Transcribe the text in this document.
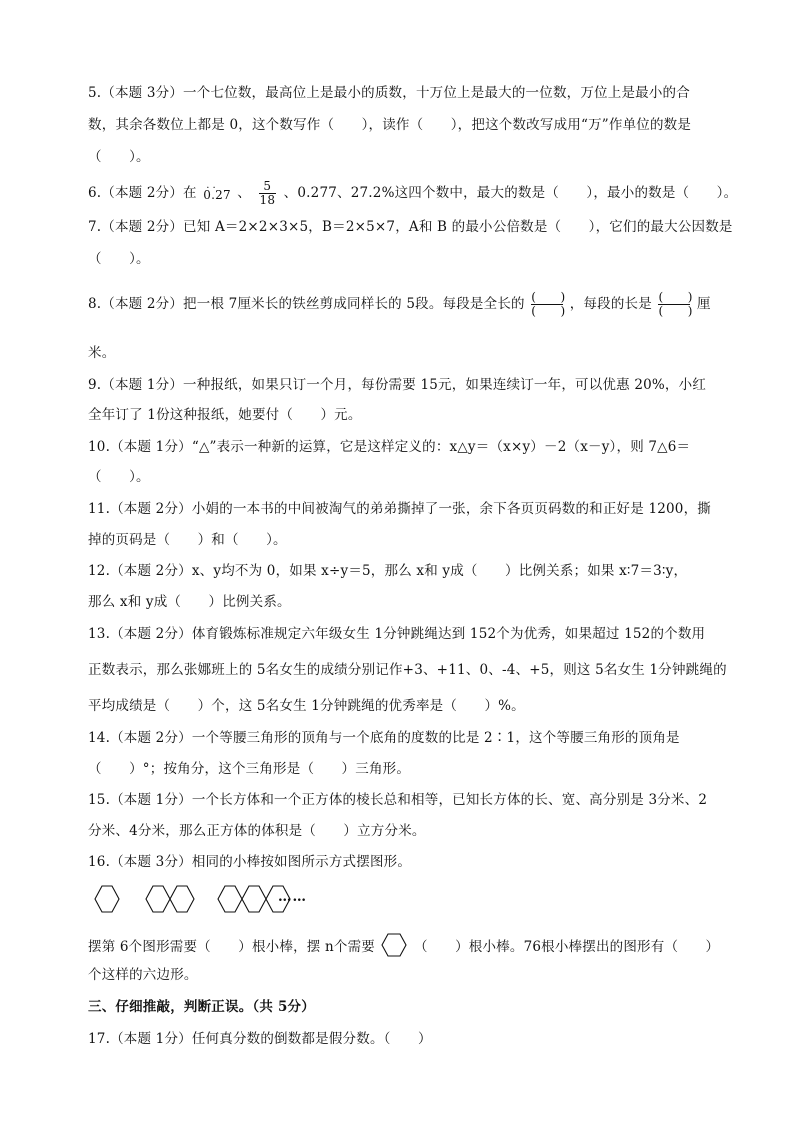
5.（本题 3分）一个七位数，最高位上是最小的质数，十万位上是最大的一位数，万位上是最小的合
数，其余各数位上都是 0，这个数写作（　　），读作（　　），把这个数改写成用“万”作单位的数是
（　　）。
6.（本题 2分）在 ..
0.27 、 $\frac{5}{18}$ 、0.277、27.2%这四个数中，最大的数是（　　），最小的数是（　　）。
7.（本题 2分）已知 A＝2×2×3×5，B＝2×5×7，A和 B 的最小公倍数是（　　），它们的最大公因数是
（　　）。
8.（本题 2分）把一根 7厘米长的铁丝剪成同样长的 5段。每段是全长的 (　　)
(　　) ，每段的长是 (　　)
(　　) 厘
米。
9.（本题 1分）一种报纸，如果只订一个月，每份需要 15元，如果连续订一年，可以优惠 20%，小红
全年订了 1份这种报纸，她要付（　　）元。
10.（本题 1分）“△”表示一种新的运算，它是这样定义的：x△y＝（x×y）－2（x－y），则 7△6＝
（　　）。
11.（本题 2分）小娟的一本书的中间被淘气的弟弟撕掉了一张，余下各页页码数的和正好是 1200，撕
掉的页码是（　　）和（　　）。
12.（本题 2分）x、y均不为 0，如果 x÷y＝5，那么 x和 y成（　　）比例关系；如果 x∶7＝3∶y，
那么 x和 y成（　　）比例关系。
13.（本题 2分）体育锻炼标准规定六年级女生 1分钟跳绳达到 152个为优秀，如果超过 152的个数用
正数表示，那么张娜班上的 5名女生的成绩分别记作+3、+11、0、-4、+5，则这 5名女生 1分钟跳绳的
平均成绩是（　　）个，这 5名女生 1分钟跳绳的优秀率是（　　）%。
14.（本题 2分）一个等腰三角形的顶角与一个底角的度数的比是 2∶1，这个等腰三角形的顶角是
（　　）°；按角分，这个三角形是（　　）三角形。
15.（本题 1分）一个长方体和一个正方体的棱长总和相等，已知长方体的长、宽、高分别是 3分米、2
分米、4分米，那么正方体的体积是（　　）立方分米。
16.（本题 3分）相同的小棒按如图所示方式摆图形。
……
摆第 6个图形需要（　　）根小棒，摆 n个需要	（　　）根小棒。76根小棒摆出的图形有（　　）
个这样的六边形。
三、仔细推敲，判断正误。（共 5分）
17.（本题 1分）任何真分数的倒数都是假分数。（　　）
